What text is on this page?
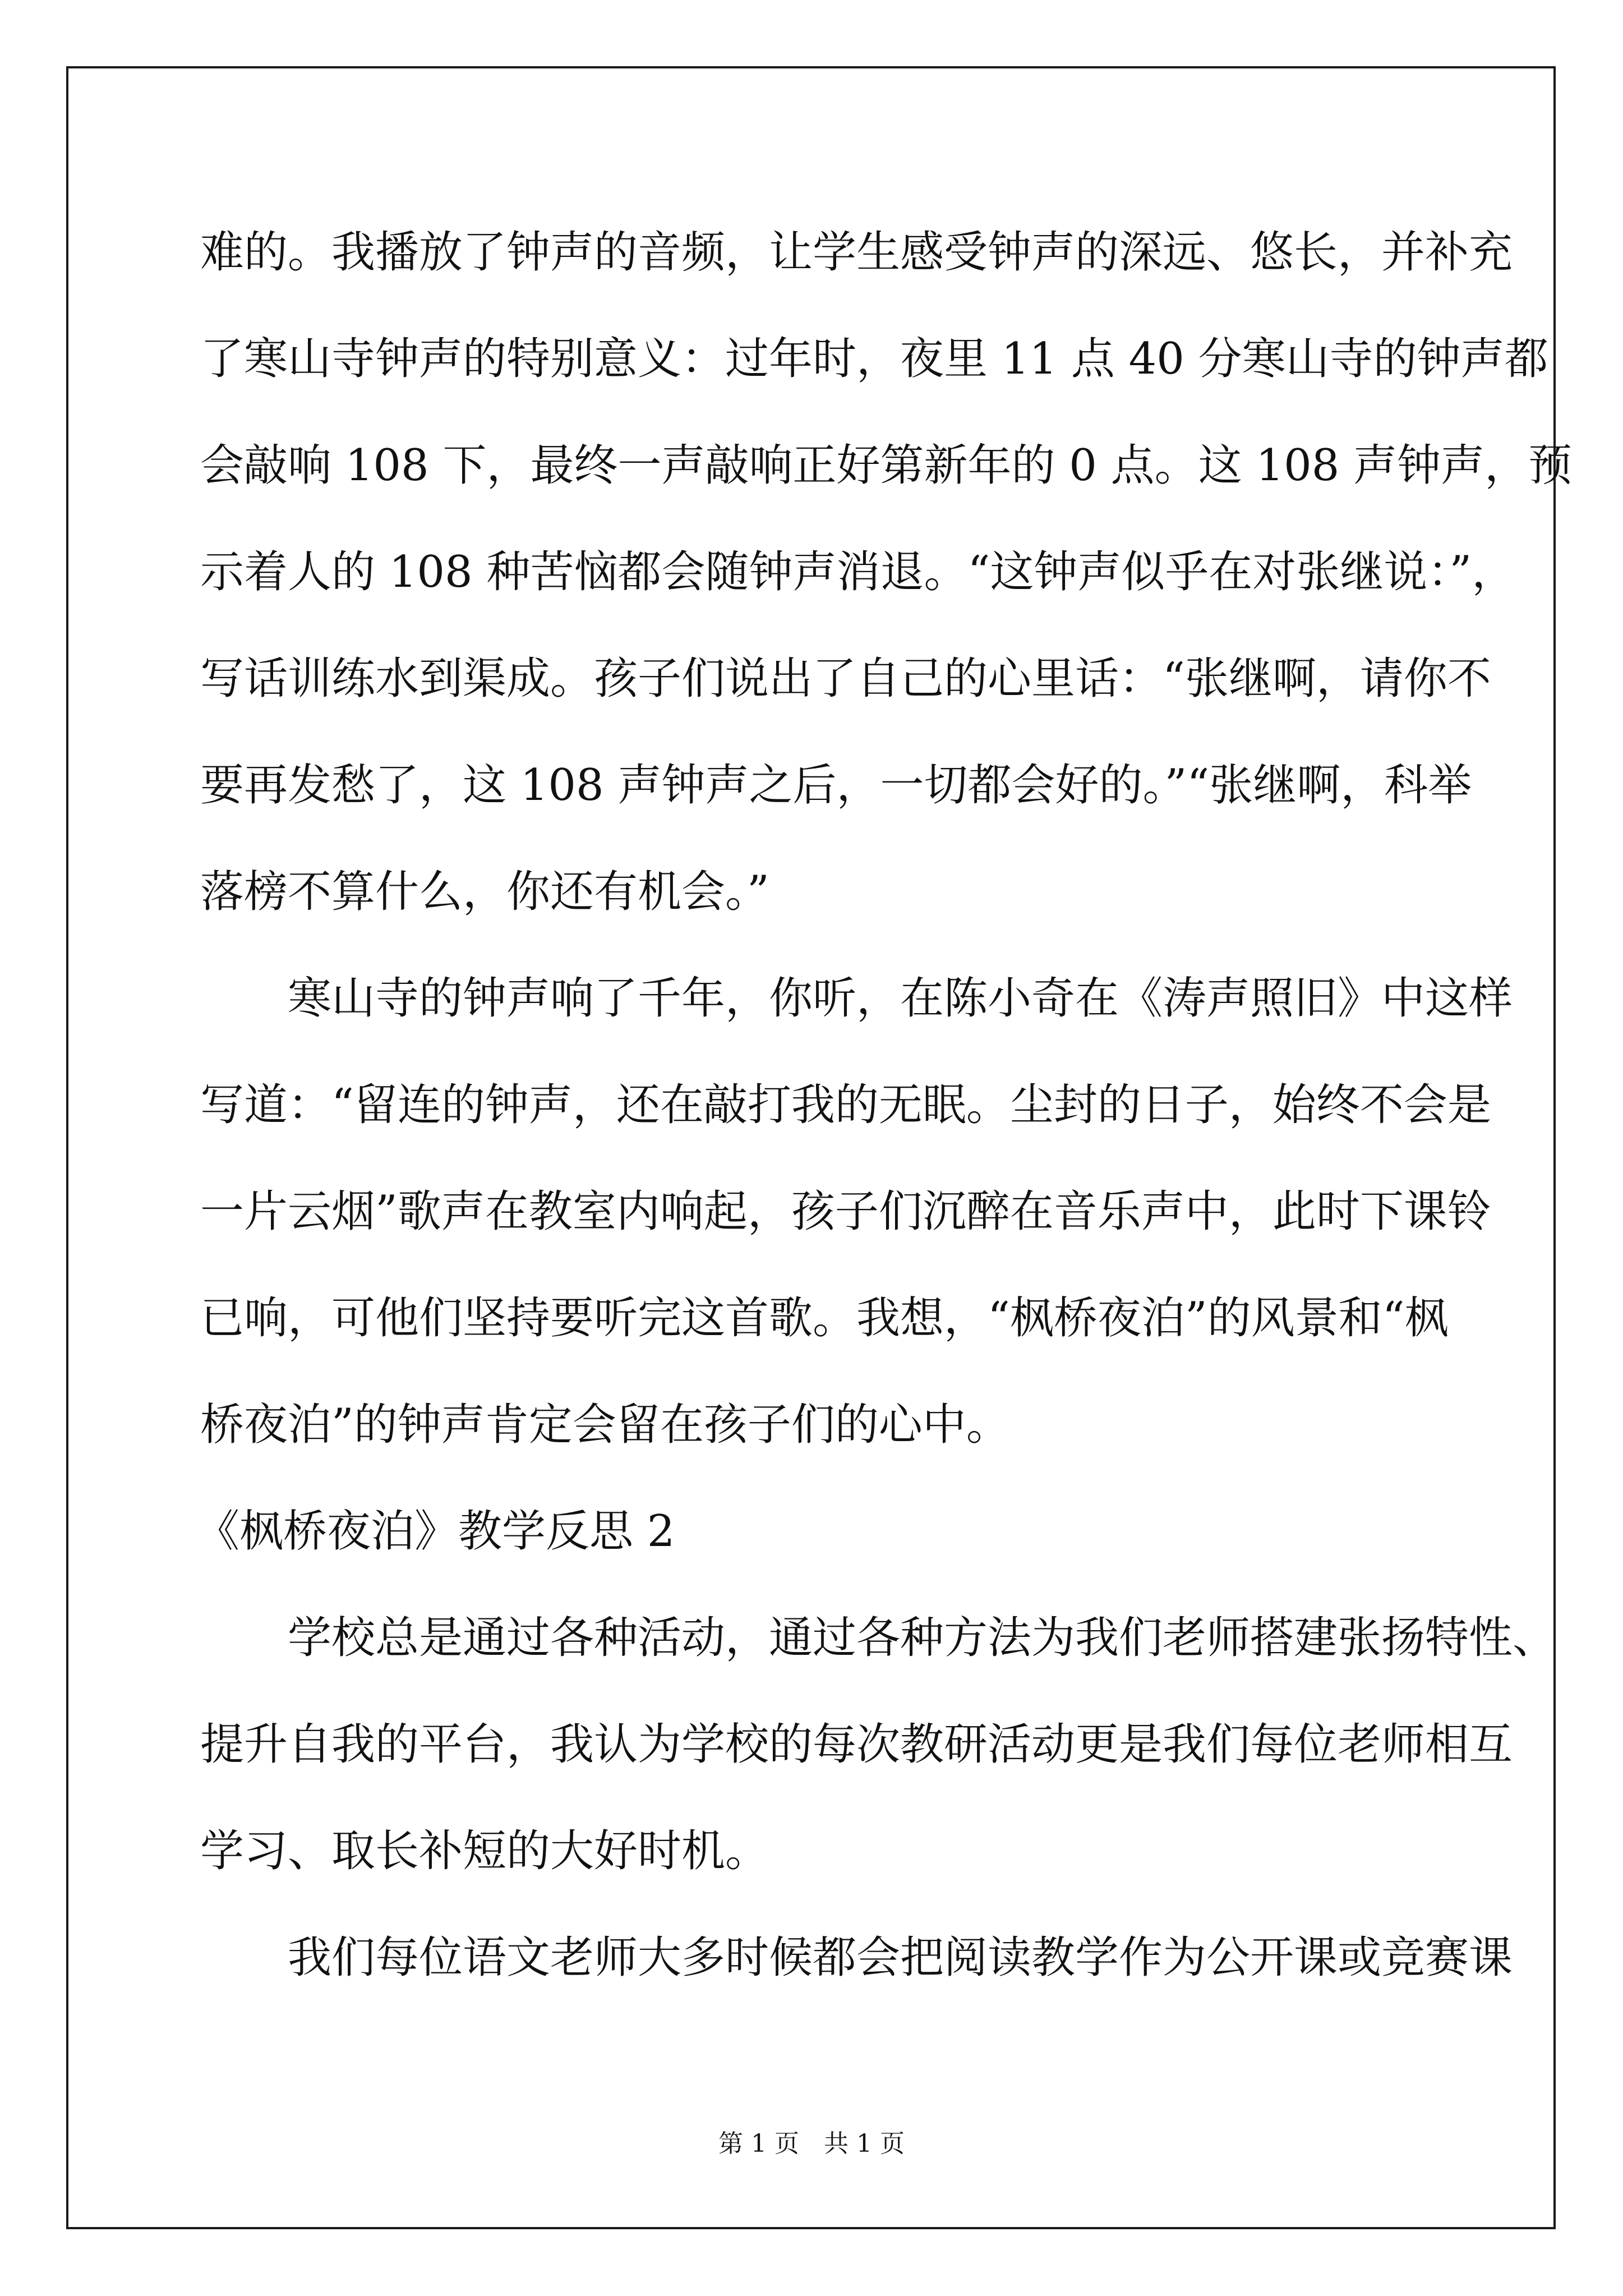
难的。我播放了钟声的音频，让学生感受钟声的深远、悠长，并补充
了寒山寺钟声的特别意义：过年时，夜里 11 点 40 分寒山寺的钟声都
会敲响 108 下，最终一声敲响正好第新年的 0 点。这 108 声钟声，预
示着人的 108 种苦恼都会随钟声消退。“这钟声似乎在对张继说：”，
写话训练水到渠成。孩子们说出了自己的心里话：“张继啊，请你不
要再发愁了，这 108 声钟声之后，一切都会好的。”“张继啊，科举
落榜不算什么，你还有机会。”
寒山寺的钟声响了千年，你听，在陈小奇在《涛声照旧》中这样
写道：“留连的钟声，还在敲打我的无眠。尘封的日子，始终不会是
一片云烟”歌声在教室内响起，孩子们沉醉在音乐声中，此时下课铃
已响，可他们坚持要听完这首歌。我想，“枫桥夜泊”的风景和“枫
桥夜泊”的钟声肯定会留在孩子们的心中。
《枫桥夜泊》教学反思 2
学校总是通过各种活动，通过各种方法为我们老师搭建张扬特性、
提升自我的平台，我认为学校的每次教研活动更是我们每位老师相互
学习、取长补短的大好时机。
我们每位语文老师大多时候都会把阅读教学作为公开课或竞赛课
第 1 页　共 1 页
